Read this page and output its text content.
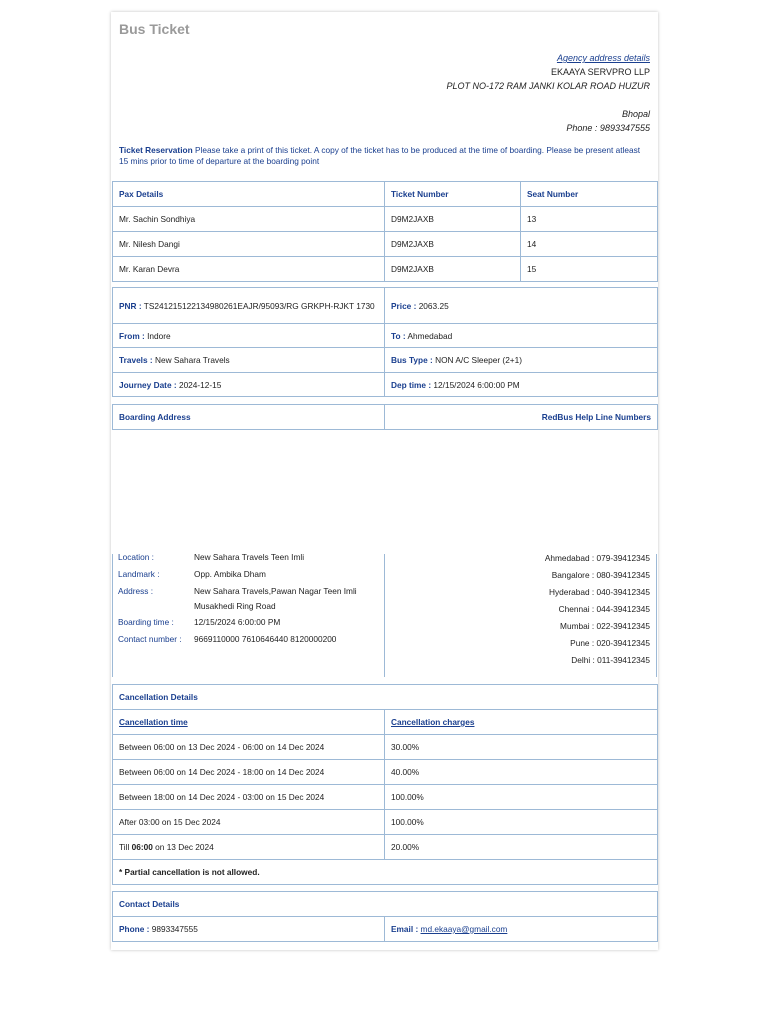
Bus Ticket
Agency address details
EKAAYA SERVPRO LLP
PLOT NO-172 RAM JANKI KOLAR ROAD HUZUR
Bhopal
Phone : 9893347555
Ticket Reservation Please take a print of this ticket. A copy of the ticket has to be produced at the time of boarding. Please be present atleast 15 mins prior to time of departure at the boarding point
Pax Details	Ticket Number	Seat Number
Mr. Sachin Sondhiya	D9M2JAXB	13
Mr. Nilesh Dangi	D9M2JAXB	14
Mr. Karan Devra	D9M2JAXB	15
PNR : TS241215122134980261EAJR/95093/RG GRKPH-RJKT 1730	Price : 2063.25
From : Indore	To : Ahmedabad
Travels : New Sahara Travels	Bus Type : NON A/C Sleeper (2+1)
Journey Date : 2024-12-15	Dep time : 12/15/2024 6:00:00 PM
Boarding Address	RedBus Help Line Numbers
Location :	New Sahara Travels Teen Imli
Landmark :	Opp. Ambika Dham
Address :	New Sahara Travels,Pawan Nagar Teen Imli Musakhedi Ring Road
Boarding time :	12/15/2024 6:00:00 PM
Contact number :	9669110000 7610646440 8120000200
Ahmedabad : 079-39412345
Bangalore : 080-39412345
Hyderabad : 040-39412345
Chennai : 044-39412345
Mumbai : 022-39412345
Pune : 020-39412345
Delhi : 011-39412345
Cancellation Details	
Cancellation time	Cancellation charges
Between 06:00 on 13 Dec 2024 - 06:00 on 14 Dec 2024	30.00%
Between 06:00 on 14 Dec 2024 - 18:00 on 14 Dec 2024	40.00%
Between 18:00 on 14 Dec 2024 - 03:00 on 15 Dec 2024	100.00%
After 03:00 on 15 Dec 2024	100.00%
Till 06:00 on 13 Dec 2024	20.00%
* Partial cancellation is not allowed.	
Contact Details
Phone : 9893347555	Email : md.ekaaya@gmail.com
